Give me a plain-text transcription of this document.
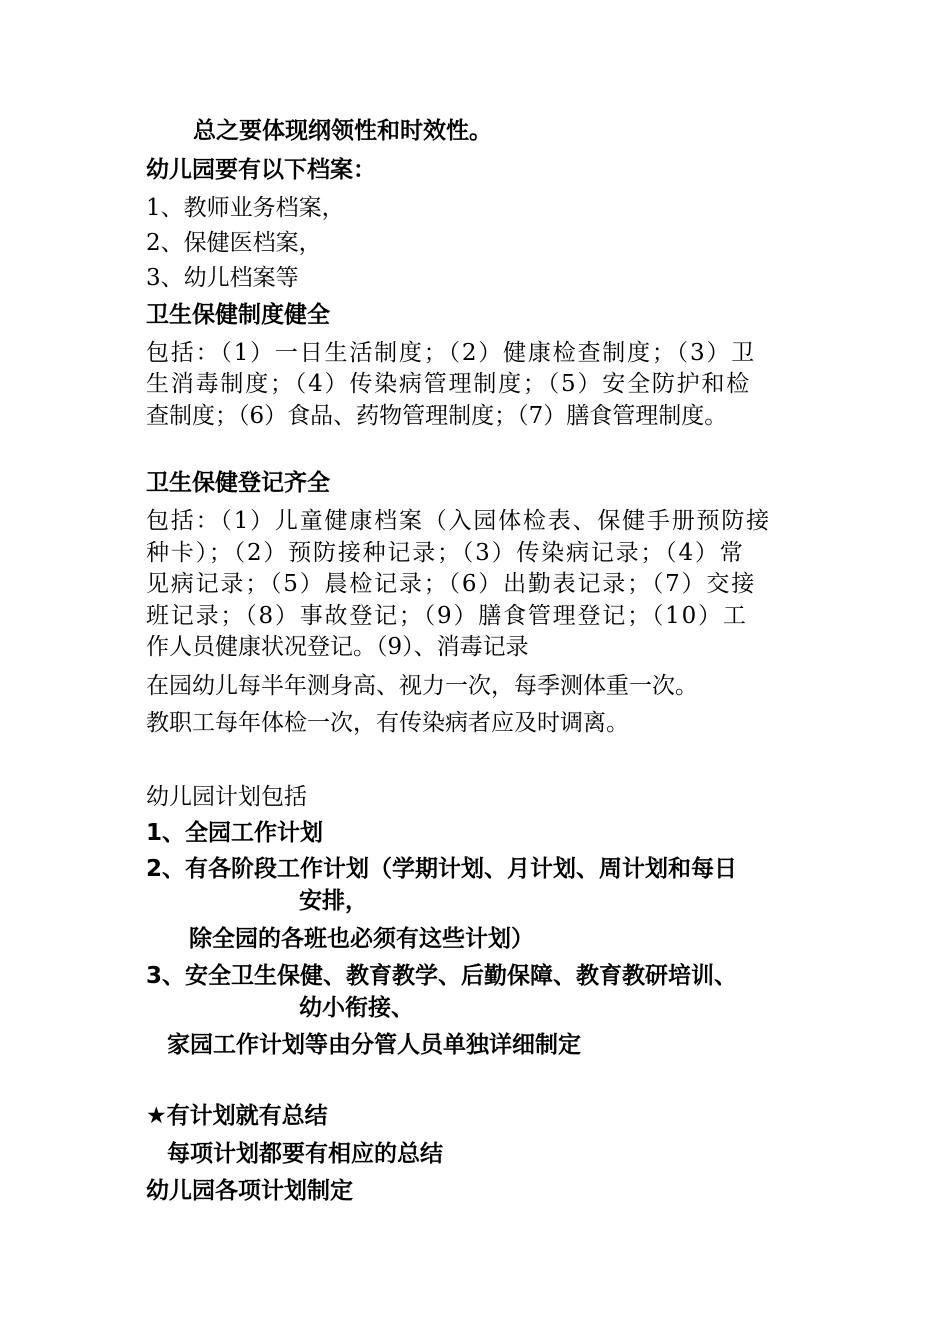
总之要体现纲领性和时效性。
幼儿园要有以下档案：
1、教师业务档案，
2、保健医档案，
3、幼儿档案等
卫生保健制度健全
包括：（1）一日生活制度；（2）健康检查制度；（3）卫
生消毒制度；（4）传染病管理制度；（5）安全防护和检
查制度；（6）食品、药物管理制度；（7）膳食管理制度。
卫生保健登记齐全
包括：（1）儿童健康档案（入园体检表、保健手册预防接
种卡）；（2）预防接种记录；（3）传染病记录；（4）常
见病记录；（5）晨检记录；（6）出勤表记录；（7）交接
班记录；（8）事故登记；（9）膳食管理登记；（10）工
作人员健康状况登记。（9）、消毒记录
在园幼儿每半年测身高、视力一次，每季测体重一次。
教职工每年体检一次，有传染病者应及时调离。
幼儿园计划包括
1、全园工作计划
2、有各阶段工作计划（学期计划、月计划、周计划和每日
安排，
除全园的各班也必须有这些计划）
3、安全卫生保健、教育教学、后勤保障、教育教研培训、
幼小衔接、
家园工作计划等由分管人员单独详细制定
★有计划就有总结
每项计划都要有相应的总结
幼儿园各项计划制定
